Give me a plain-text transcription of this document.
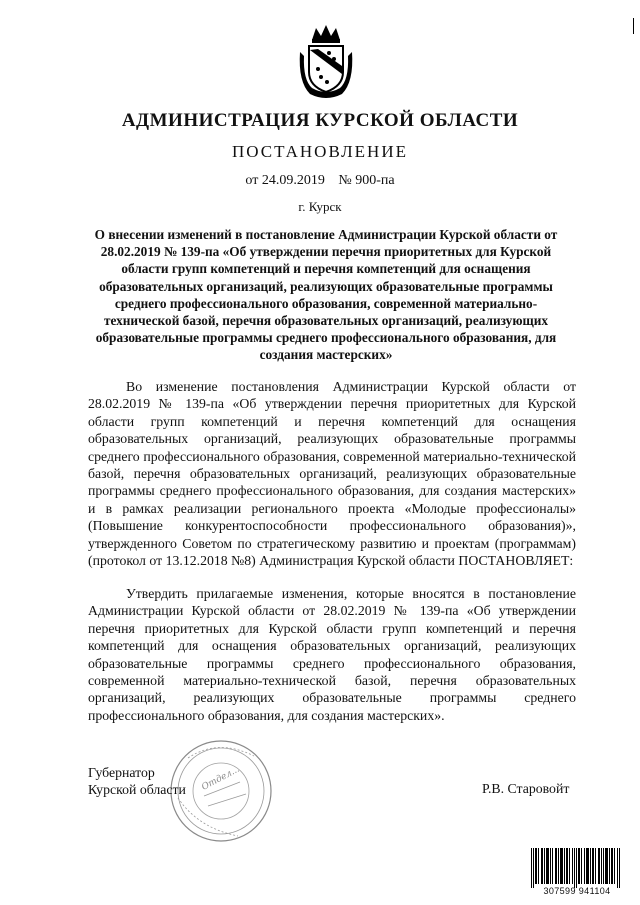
АДМИНИСТРАЦИЯ КУРСКОЙ ОБЛАСТИ
ПОСТАНОВЛЕНИЕ
от 24.09.2019 № 900-па
г. Курск
О внесении изменений в постановление Администрации Курской области от 28.02.2019 № 139-па «Об утверждении перечня приоритетных для Курской области групп компетенций и перечня компетенций для оснащения образовательных организаций, реализующих образовательные программы среднего профессионального образования, современной материально-технической базой, перечня образовательных организаций, реализующих образовательные программы среднего профессионального образования, для создания мастерских»

Во изменение постановления Администрации Курской области от 28.02.2019 № 139-па «Об утверждении перечня приоритетных для Курской области групп компетенций и перечня компетенций для оснащения образовательных организаций, реализующих образовательные программы среднего профессионального образования, современной материально-технической базой, перечня образовательных организаций, реализующих образовательные программы среднего профессионального образования, для создания мастерских» и в рамках реализации регионального проекта «Молодые профессионалы» (Повышение конкурентоспособности профессионального образования)», утвержденного Советом по стратегическому развитию и проектам (программам) (протокол от 13.12.2018 №8) Администрация Курской области ПОСТАНОВЛЯЕТ:

Утвердить прилагаемые изменения, которые вносятся в постановление Администрации Курской области от 28.02.2019 № 139-па «Об утверждении перечня приоритетных для Курской области групп компетенций и перечня компетенций для оснащения образовательных организаций, реализующих образовательные программы среднего профессионального образования, современной материально-технической базой, перечня образовательных организаций, реализующих образовательные программы среднего профессионального образования, для создания мастерских».

Отдел...
Губернатор
Курской области	Р.В. Старовойт
307599 941104
